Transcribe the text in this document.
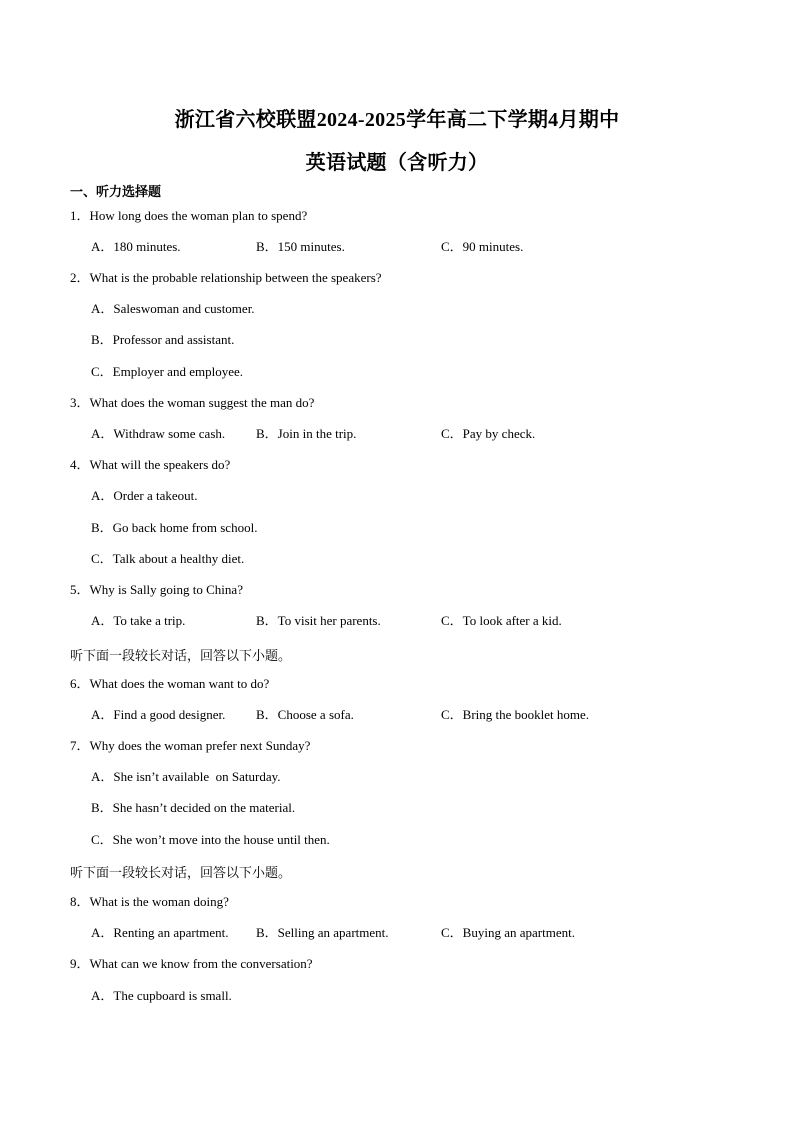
浙江省六校联盟2024-2025学年高二下学期4月期中
英语试题（含听力）
一、听力选择题
1．How long does the woman plan to spend?
A．180 minutes.	B．150 minutes.	C．90 minutes.
2．What is the probable relationship between the speakers?
A．Saleswoman and customer.
B．Professor and assistant.
C．Employer and employee.
3．What does the woman suggest the man do?
A．Withdraw some cash. B．Join in the trip.	C．Pay by check.
4．What will the speakers do?
A．Order a takeout.
B．Go back home from school.
C．Talk about a healthy diet.
5．Why is Sally going to China?
A．To take a trip.	B．To visit her parents.	C．To look after a kid.
听下面一段较长对话，回答以下小题。
6．What does the woman want to do?
A．Find a good designer. B．Choose a sofa.	C．Bring the booklet home.
7．Why does the woman prefer next Sunday?
A．She isn’t available  on Saturday.
B．She hasn’t decided on the material.
C．She won’t move into the house until then.
听下面一段较长对话，回答以下小题。
8．What is the woman doing?
A．Renting an apartment. B．Selling an apartment.	C．Buying an apartment.
9．What can we know from the conversation?
A．The cupboard is small.
